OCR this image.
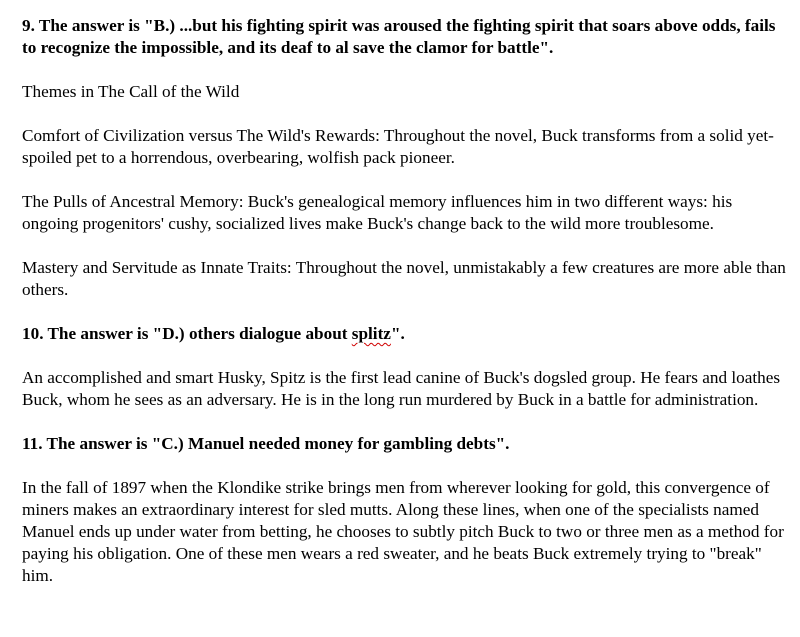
9. The answer is "B.) ...but his fighting spirit was aroused the fighting spirit that soars above odds, fails to recognize the impossible, and its deaf to al save the clamor for battle".

Themes in The Call of the Wild

Comfort of Civilization versus The Wild's Rewards: Throughout the novel, Buck transforms from a solid yet-spoiled pet to a horrendous, overbearing, wolfish pack pioneer.

The Pulls of Ancestral Memory: Buck's genealogical memory influences him in two different ways: his ongoing progenitors' cushy, socialized lives make Buck's change back to the wild more troublesome.

Mastery and Servitude as Innate Traits: Throughout the novel, unmistakably a few creatures are more able than others.

10. The answer is "D.) others dialogue about splitz".

An accomplished and smart Husky, Spitz is the first lead canine of Buck's dogsled group. He fears and loathes Buck, whom he sees as an adversary. He is in the long run murdered by Buck in a battle for administration.

11. The answer is "C.) Manuel needed money for gambling debts".

In the fall of 1897 when the Klondike strike brings men from wherever looking for gold, this convergence of miners makes an extraordinary interest for sled mutts. Along these lines, when one of the specialists named Manuel ends up under water from betting, he chooses to subtly pitch Buck to two or three men as a method for paying his obligation. One of these men wears a red sweater, and he beats Buck extremely trying to "break" him.
